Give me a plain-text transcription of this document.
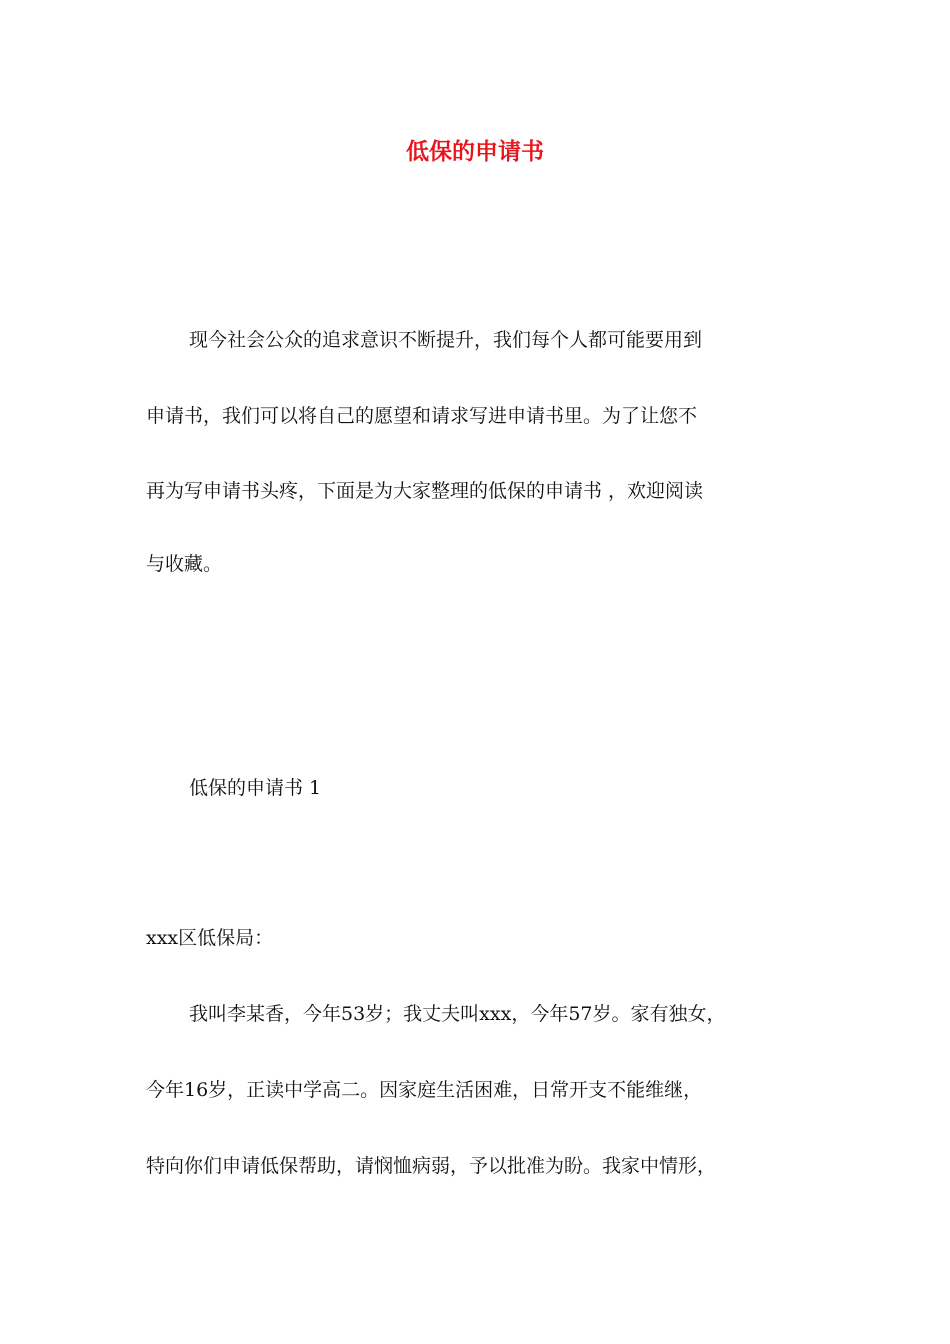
低保的申请书

现今社会公众的追求意识不断提升，我们每个人都可能要用到

申请书，我们可以将自己的愿望和请求写进申请书里。为了让您不

再为写申请书头疼，下面是为大家整理的低保的申请书 ，欢迎阅读

与收藏。

低保的申请书 1

xxx区低保局：

我叫李某香，今年53岁；我丈夫叫xxx，今年57岁。家有独女，

今年16岁，正读中学高二。因家庭生活困难，日常开支不能维继，

特向你们申请低保帮助，请悯恤病弱，予以批准为盼。我家中情形，
